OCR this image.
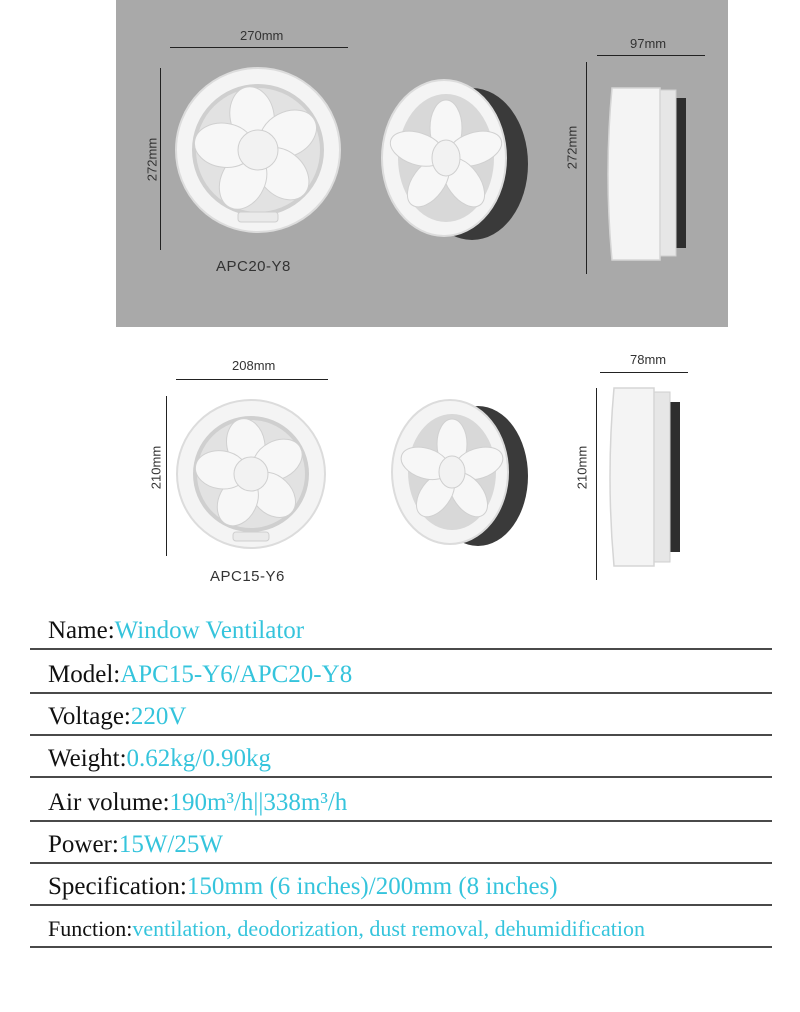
270mm
272mm
APC20-Y8
97mm
272mm
208mm
210mm
APC15-Y6
78mm
210mm
Name: Window Ventilator
Model: APC15-Y6/APC20-Y8
Voltage: 220V
Weight: 0.62kg/0.90kg
Air volume: 190m³/h||338m³/h
Power: 15W/25W
Specification: 150mm (6 inches)/200mm (8 inches)
Function: ventilation, deodorization, dust removal, dehumidification
